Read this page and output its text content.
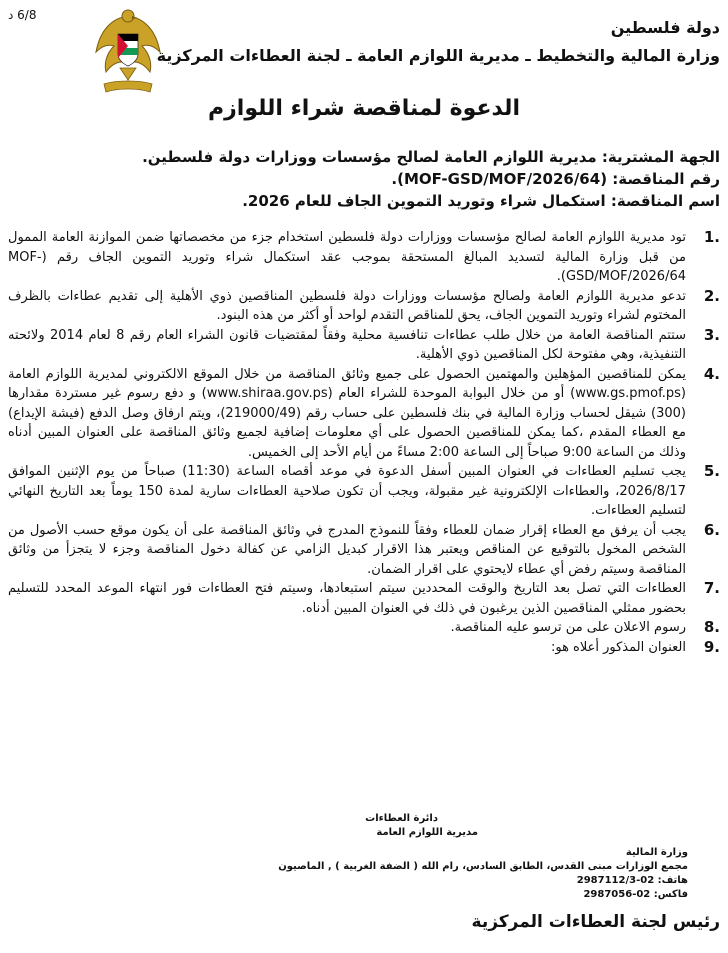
6/8 د
دولة فلسطين
وزارة المالية والتخطيط ـ مديرية اللوازم العامة ـ لجنة العطاءات المركزية
الدعوة لمناقصة شراء اللوازم
الجهة المشترية: مديرية اللوازم العامة لصالح مؤسسات ووزارات دولة فلسطين.
رقم المناقصة: (MOF-GSD/MOF/2026/64).
اسم المناقصة: استكمال شراء وتوريد التموين الجاف للعام 2026.
.1
تود مديرية اللوازم العامة لصالح مؤسسات ووزارات دولة فلسطين استخدام جزء من مخصصاتها ضمن الموازنة العامة الممول من قبل وزارة المالية لتسديد المبالغ المستحقة بموجب عقد استكمال شراء وتوريد التموين الجاف رقم (MOF-GSD/MOF/2026/64).
.2
تدعو مديرية اللوازم العامة ولصالح مؤسسات ووزارات دولة فلسطين المناقصين ذوي الأهلية إلى تقديم عطاءات بالظرف المختوم لشراء وتوريد التموين الجاف، يحق للمناقص التقدم لواحد أو أكثر من هذه البنود.
.3
ستتم المناقصة العامة من خلال طلب عطاءات تنافسية محلية وفقاً لمقتضيات قانون الشراء العام رقم 8 لعام 2014 ولائحته التنفيذية، وهي مفتوحة لكل المناقصين ذوي الأهلية.
.4
يمكن للمناقصين المؤهلين والمهتمين الحصول على جميع وثائق المناقصة من خلال الموقع الالكتروني لمديرية اللوازم العامة (www.gs.pmof.ps) أو من خلال البوابة الموحدة للشراء العام (www.shiraa.gov.ps) و دفع رسوم غير مستردة مقدارها (300) شيقل لحساب وزارة المالية في بنك فلسطين على حساب رقم (219000/49)، ويتم ارفاق وصل الدفع (فيشة الإيداع) مع العطاء المقدم ،كما يمكن للمناقصين الحصول على أي معلومات إضافية لجميع وثائق المناقصة على العنوان المبين أدناه وذلك من الساعة 9:00 صباحاً إلى الساعة 2:00 مساءً من أيام الأحد إلى الخميس.
.5
يجب تسليم العطاءات في العنوان المبين أسفل الدعوة في موعد أقصاه الساعة (11:30) صباحاً من يوم الإثنين الموافق 2026/8/17، والعطاءات الإلكترونية غير مقبولة، ويجب أن تكون صلاحية العطاءات سارية لمدة 150 يوماً بعد التاريخ النهائي لتسليم العطاءات.
.6
يجب أن يرفق مع العطاء إقرار ضمان للعطاء وفقاً للنموذج المدرج في وثائق المناقصة على أن يكون موقع حسب الأصول من الشخص المخول بالتوقيع عن المناقص ويعتبر هذا الاقرار كبديل الزامي عن كفالة دخول المناقصة وجزء لا يتجزأ من وثائق المناقصة وسيتم رفض أي عطاء لايحتوي على اقرار الضمان.
.7
العطاءات التي تصل بعد التاريخ والوقت المحددين سيتم استبعادها، وسيتم فتح العطاءات فور انتهاء الموعد المحدد للتسليم بحضور ممثلي المناقصين الذين يرغبون في ذلك في العنوان المبين أدناه.
.8
رسوم الاعلان على من ترسو عليه المناقصة.
.9
العنوان المذكور أعلاه هو:
دائرة العطاءات
مديرية اللوازم العامة
وزارة المالية
مجمع الوزارات مبنى القدس، الطابق السادس، رام الله ( الضفة الغربية ) , الماصيون
هاتف: 02-2987112/3
فاكس: 02-2987056
رئيس لجنة العطاءات المركزية
